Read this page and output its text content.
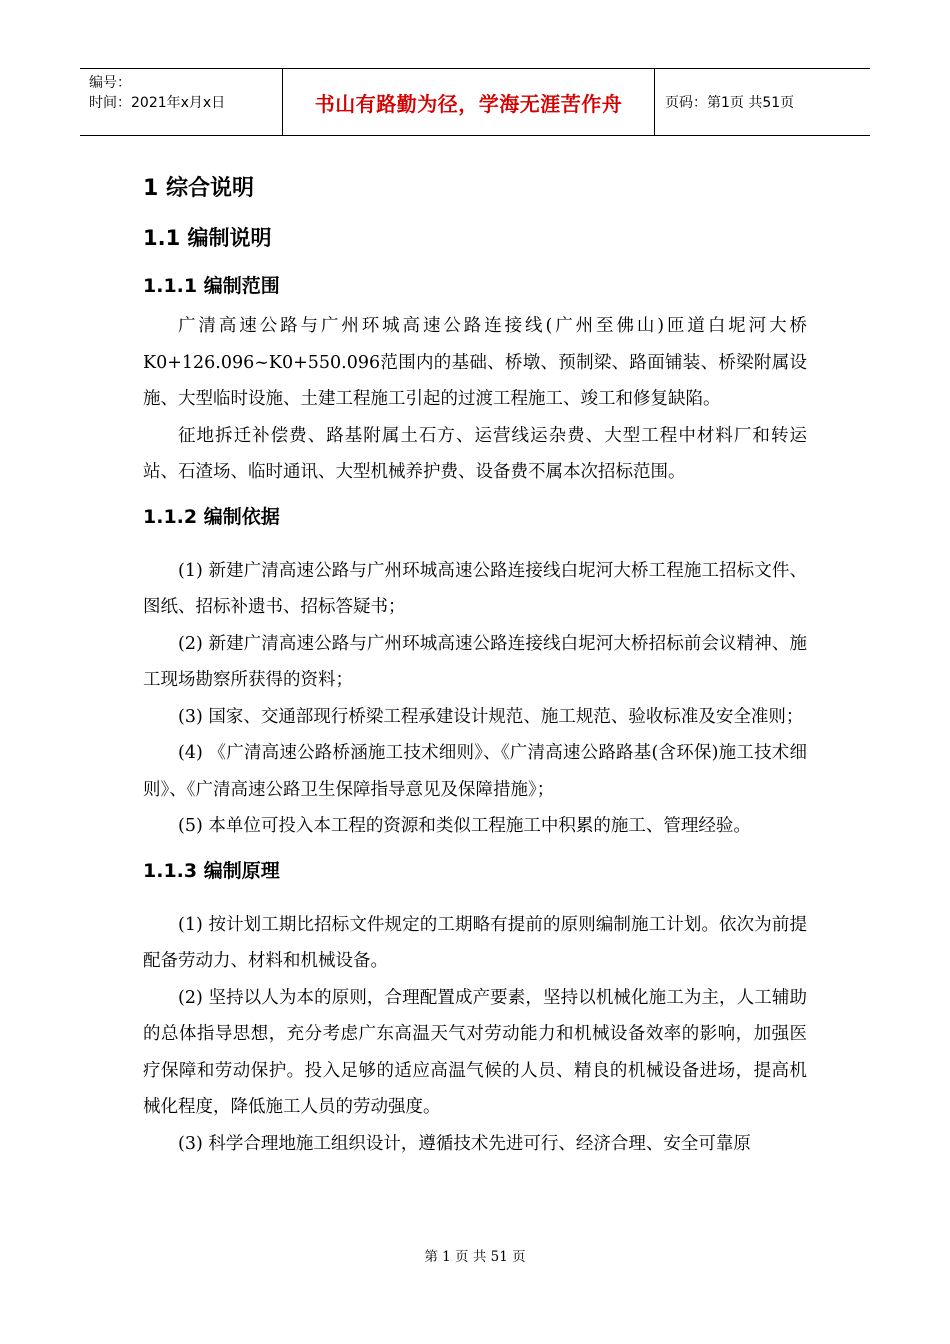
编号：
时间：2021年x月x日	书山有路勤为径，学海无涯苦作舟	页码：第1页 共51页
1 综合说明
1.1 编制说明
1.1.1 编制范围

广清高速公路与广州环城高速公路连接线(广州至佛山)匝道白坭河大桥K0+126.096~K0+550.096范围内的基础、桥墩、预制梁、路面铺装、桥梁附属设施、大型临时设施、土建工程施工引起的过渡工程施工、竣工和修复缺陷。

征地拆迁补偿费、路基附属土石方、运营线运杂费、大型工程中材料厂和转运站、石渣场、临时通讯、大型机械养护费、设备费不属本次招标范围。

1.1.2 编制依据

(1) 新建广清高速公路与广州环城高速公路连接线白坭河大桥工程施工招标文件、图纸、招标补遗书、招标答疑书；

(2) 新建广清高速公路与广州环城高速公路连接线白坭河大桥招标前会议精神、施工现场勘察所获得的资料；

(3) 国家、交通部现行桥梁工程承建设计规范、施工规范、验收标准及安全准则；

(4) 《广清高速公路桥涵施工技术细则》、《广清高速公路路基(含环保)施工技术细则》、《广清高速公路卫生保障指导意见及保障措施》；

(5) 本单位可投入本工程的资源和类似工程施工中积累的施工、管理经验。

1.1.3 编制原理

(1) 按计划工期比招标文件规定的工期略有提前的原则编制施工计划。依次为前提配备劳动力、材料和机械设备。

(2) 坚持以人为本的原则，合理配置成产要素，坚持以机械化施工为主，人工辅助的总体指导思想，充分考虑广东高温天气对劳动能力和机械设备效率的影响，加强医疗保障和劳动保护。投入足够的适应高温气候的人员、精良的机械设备进场，提高机械化程度，降低施工人员的劳动强度。

(3) 科学合理地施工组织设计，遵循技术先进可行、经济合理、安全可靠原

第 1 页 共 51 页
